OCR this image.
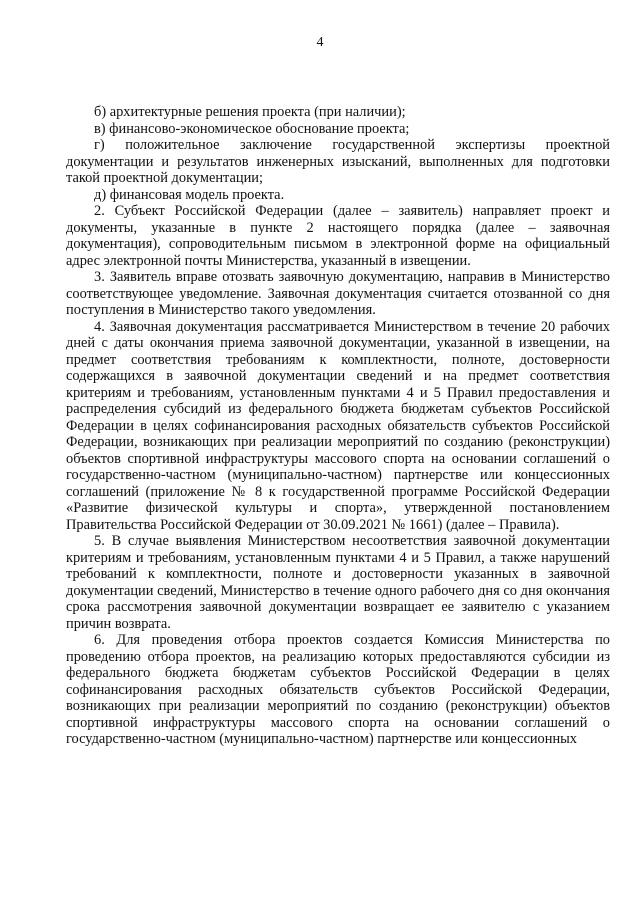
4

б) архитектурные решения проекта (при наличии);

в) финансово-экономическое обоснование проекта;

г) положительное заключение государственной экспертизы проектной документации и результатов инженерных изысканий, выполненных для подготовки такой проектной документации;

д) финансовая модель проекта.

2. Субъект Российской Федерации (далее – заявитель) направляет проект и документы, указанные в пункте 2 настоящего порядка (далее – заявочная документация), сопроводительным письмом в электронной форме на официальный адрес электронной почты Министерства, указанный в извещении.

3. Заявитель вправе отозвать заявочную документацию, направив в Министерство соответствующее уведомление. Заявочная документация считается отозванной со дня поступления в Министерство такого уведомления.

4. Заявочная документация рассматривается Министерством в течение 20 рабочих дней с даты окончания приема заявочной документации, указанной в извещении, на предмет соответствия требованиям к комплектности, полноте, достоверности содержащихся в заявочной документации сведений и на предмет соответствия критериям и требованиям, установленным пунктами 4 и 5 Правил предоставления и распределения субсидий из федерального бюджета бюджетам субъектов Российской Федерации в целях софинансирования расходных обязательств субъектов Российской Федерации, возникающих при реализации мероприятий по созданию (реконструкции) объектов спортивной инфраструктуры массового спорта на основании соглашений о государственно-частном (муниципально-частном) партнерстве или концессионных соглашений (приложение № 8 к государственной программе Российской Федерации «Развитие физической культуры и спорта», утвержденной постановлением Правительства Российской Федерации от 30.09.2021 № 1661) (далее – Правила).

5. В случае выявления Министерством несоответствия заявочной документации критериям и требованиям, установленным пунктами 4 и 5 Правил, а также нарушений требований к комплектности, полноте и достоверности указанных в заявочной документации сведений, Министерство в течение одного рабочего дня со дня окончания срока рассмотрения заявочной документации возвращает ее заявителю с указанием причин возврата.

6. Для проведения отбора проектов создается Комиссия Министерства по проведению отбора проектов, на реализацию которых предоставляются субсидии из федерального бюджета бюджетам субъектов Российской Федерации в целях софинансирования расходных обязательств субъектов Российской Федерации, возникающих при реализации мероприятий по созданию (реконструкции) объектов спортивной инфраструктуры массового спорта на основании соглашений о государственно-частном (муниципально-частном) партнерстве или концессионных
